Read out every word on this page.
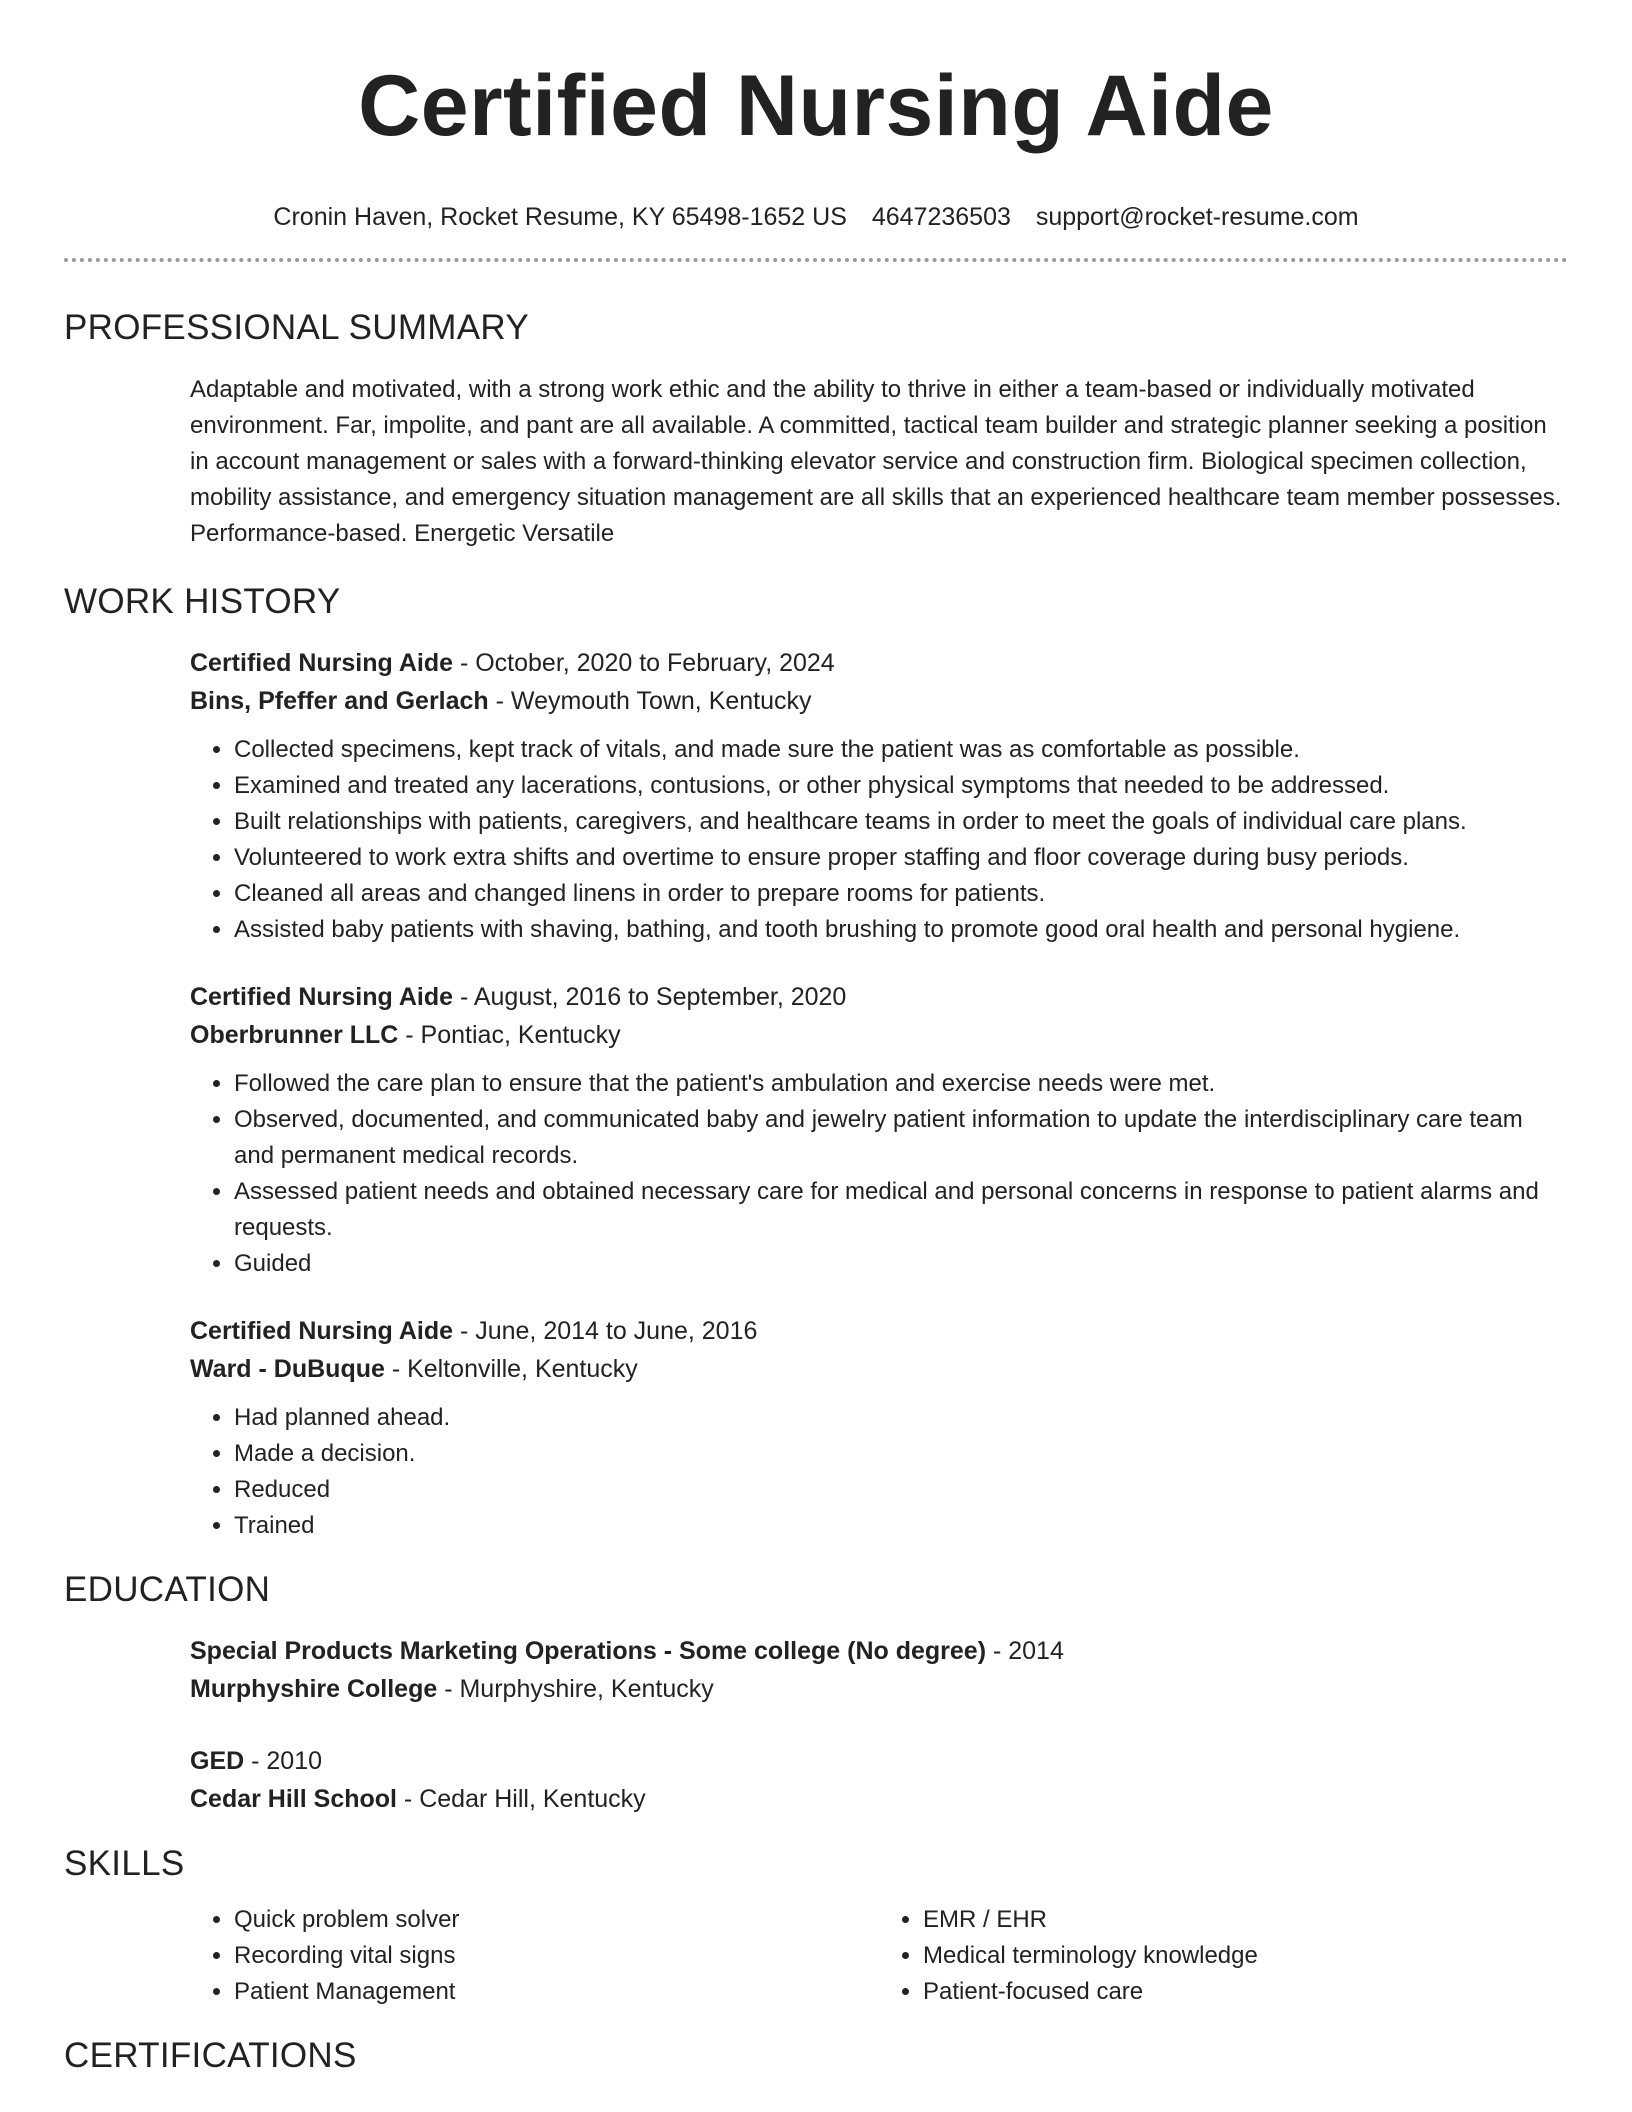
Certified Nursing Aide
Cronin Haven, Rocket Resume, KY 65498-1652 US 4647236503 support@rocket-resume.com
PROFESSIONAL SUMMARY
Adaptable and motivated, with a strong work ethic and the ability to thrive in either a team-based or individually motivated environment. Far, impolite, and pant are all available. A committed, tactical team builder and strategic planner seeking a position in account management or sales with a forward-thinking elevator service and construction firm. Biological specimen collection, mobility assistance, and emergency situation management are all skills that an experienced healthcare team member possesses. Performance-based. Energetic Versatile
WORK HISTORY
Certified Nursing Aide - October, 2020 to February, 2024
Bins, Pfeffer and Gerlach - Weymouth Town, Kentucky
• Collected specimens, kept track of vitals, and made sure the patient was as comfortable as possible.
• Examined and treated any lacerations, contusions, or other physical symptoms that needed to be addressed.
• Built relationships with patients, caregivers, and healthcare teams in order to meet the goals of individual care plans.
• Volunteered to work extra shifts and overtime to ensure proper staffing and floor coverage during busy periods.
• Cleaned all areas and changed linens in order to prepare rooms for patients.
• Assisted baby patients with shaving, bathing, and tooth brushing to promote good oral health and personal hygiene.
Certified Nursing Aide - August, 2016 to September, 2020
Oberbrunner LLC - Pontiac, Kentucky
• Followed the care plan to ensure that the patient's ambulation and exercise needs were met.
• Observed, documented, and communicated baby and jewelry patient information to update the interdisciplinary care team and permanent medical records.
• Assessed patient needs and obtained necessary care for medical and personal concerns in response to patient alarms and requests.
• Guided
Certified Nursing Aide - June, 2014 to June, 2016
Ward - DuBuque - Keltonville, Kentucky
• Had planned ahead.
• Made a decision.
• Reduced
• Trained
EDUCATION
Special Products Marketing Operations - Some college (No degree) - 2014
Murphyshire College - Murphyshire, Kentucky
GED - 2010
Cedar Hill School - Cedar Hill, Kentucky
SKILLS
• Quick problem solver
• Recording vital signs
• Patient Management
• EMR / EHR
• Medical terminology knowledge
• Patient-focused care
CERTIFICATIONS
